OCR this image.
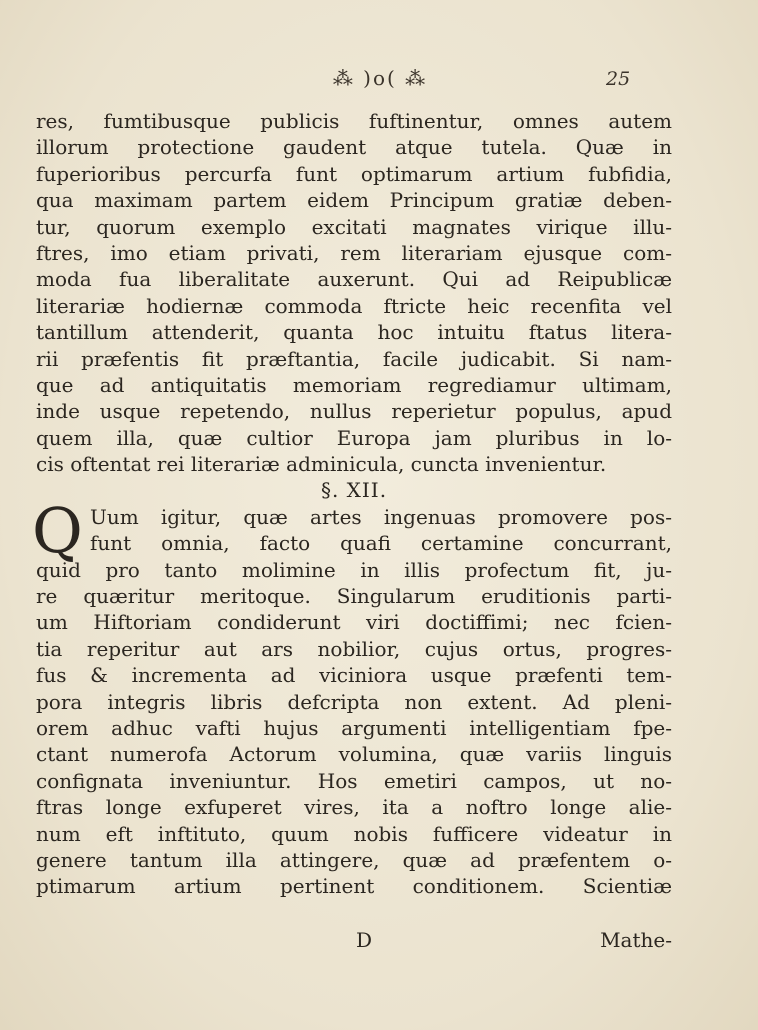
⁂ )o( ⁂	25
res, fumtibusque publicis fuftinentur, omnes autem
illorum protectione gaudent atque tutela. Quæ in
fuperioribus percurfa funt optimarum artium fubfidia,
qua maximam partem eidem Principum gratiæ deben-
tur, quorum exemplo excitati magnates virique illu-
ftres, imo etiam privati, rem literariam ejusque com-
moda fua liberalitate auxerunt. Qui ad Reipublicæ
literariæ hodiernæ commoda ftricte heic recenfita vel
tantillum attenderit, quanta hoc intuitu ftatus litera-
rii præfentis fit præftantia, facile judicabit. Si nam-
que ad antiquitatis memoriam regrediamur ultimam,
inde usque repetendo, nullus reperietur populus, apud
quem illa, quæ cultior Europa jam pluribus in lo-
cis oftentat rei literariæ adminicula, cuncta invenientur.
§. XII.
Q Uum igitur, quæ artes ingenuas promovere pos-
funt omnia, facto quafi certamine concurrant,
quid pro tanto molimine in illis profectum fit, ju-
re quæritur meritoque. Singularum eruditionis parti-
um Hiftoriam condiderunt viri doctiffimi; nec fcien-
tia reperitur aut ars nobilior, cujus ortus, progres-
fus & incrementa ad viciniora usque præfenti tem-
pora integris libris defcripta non extent. Ad pleni-
orem adhuc vafti hujus argumenti intelligentiam fpe-
ctant numerofa Actorum volumina, quæ variis linguis
confignata inveniuntur. Hos emetiri campos, ut no-
ftras longe exfuperet vires, ita a noftro longe alie-
num eft inftituto, quum nobis fufficere videatur in
genere tantum illa attingere, quæ ad præfentem o-
ptimarum artium pertinent conditionem. Scientiæ
D	Mathe-
